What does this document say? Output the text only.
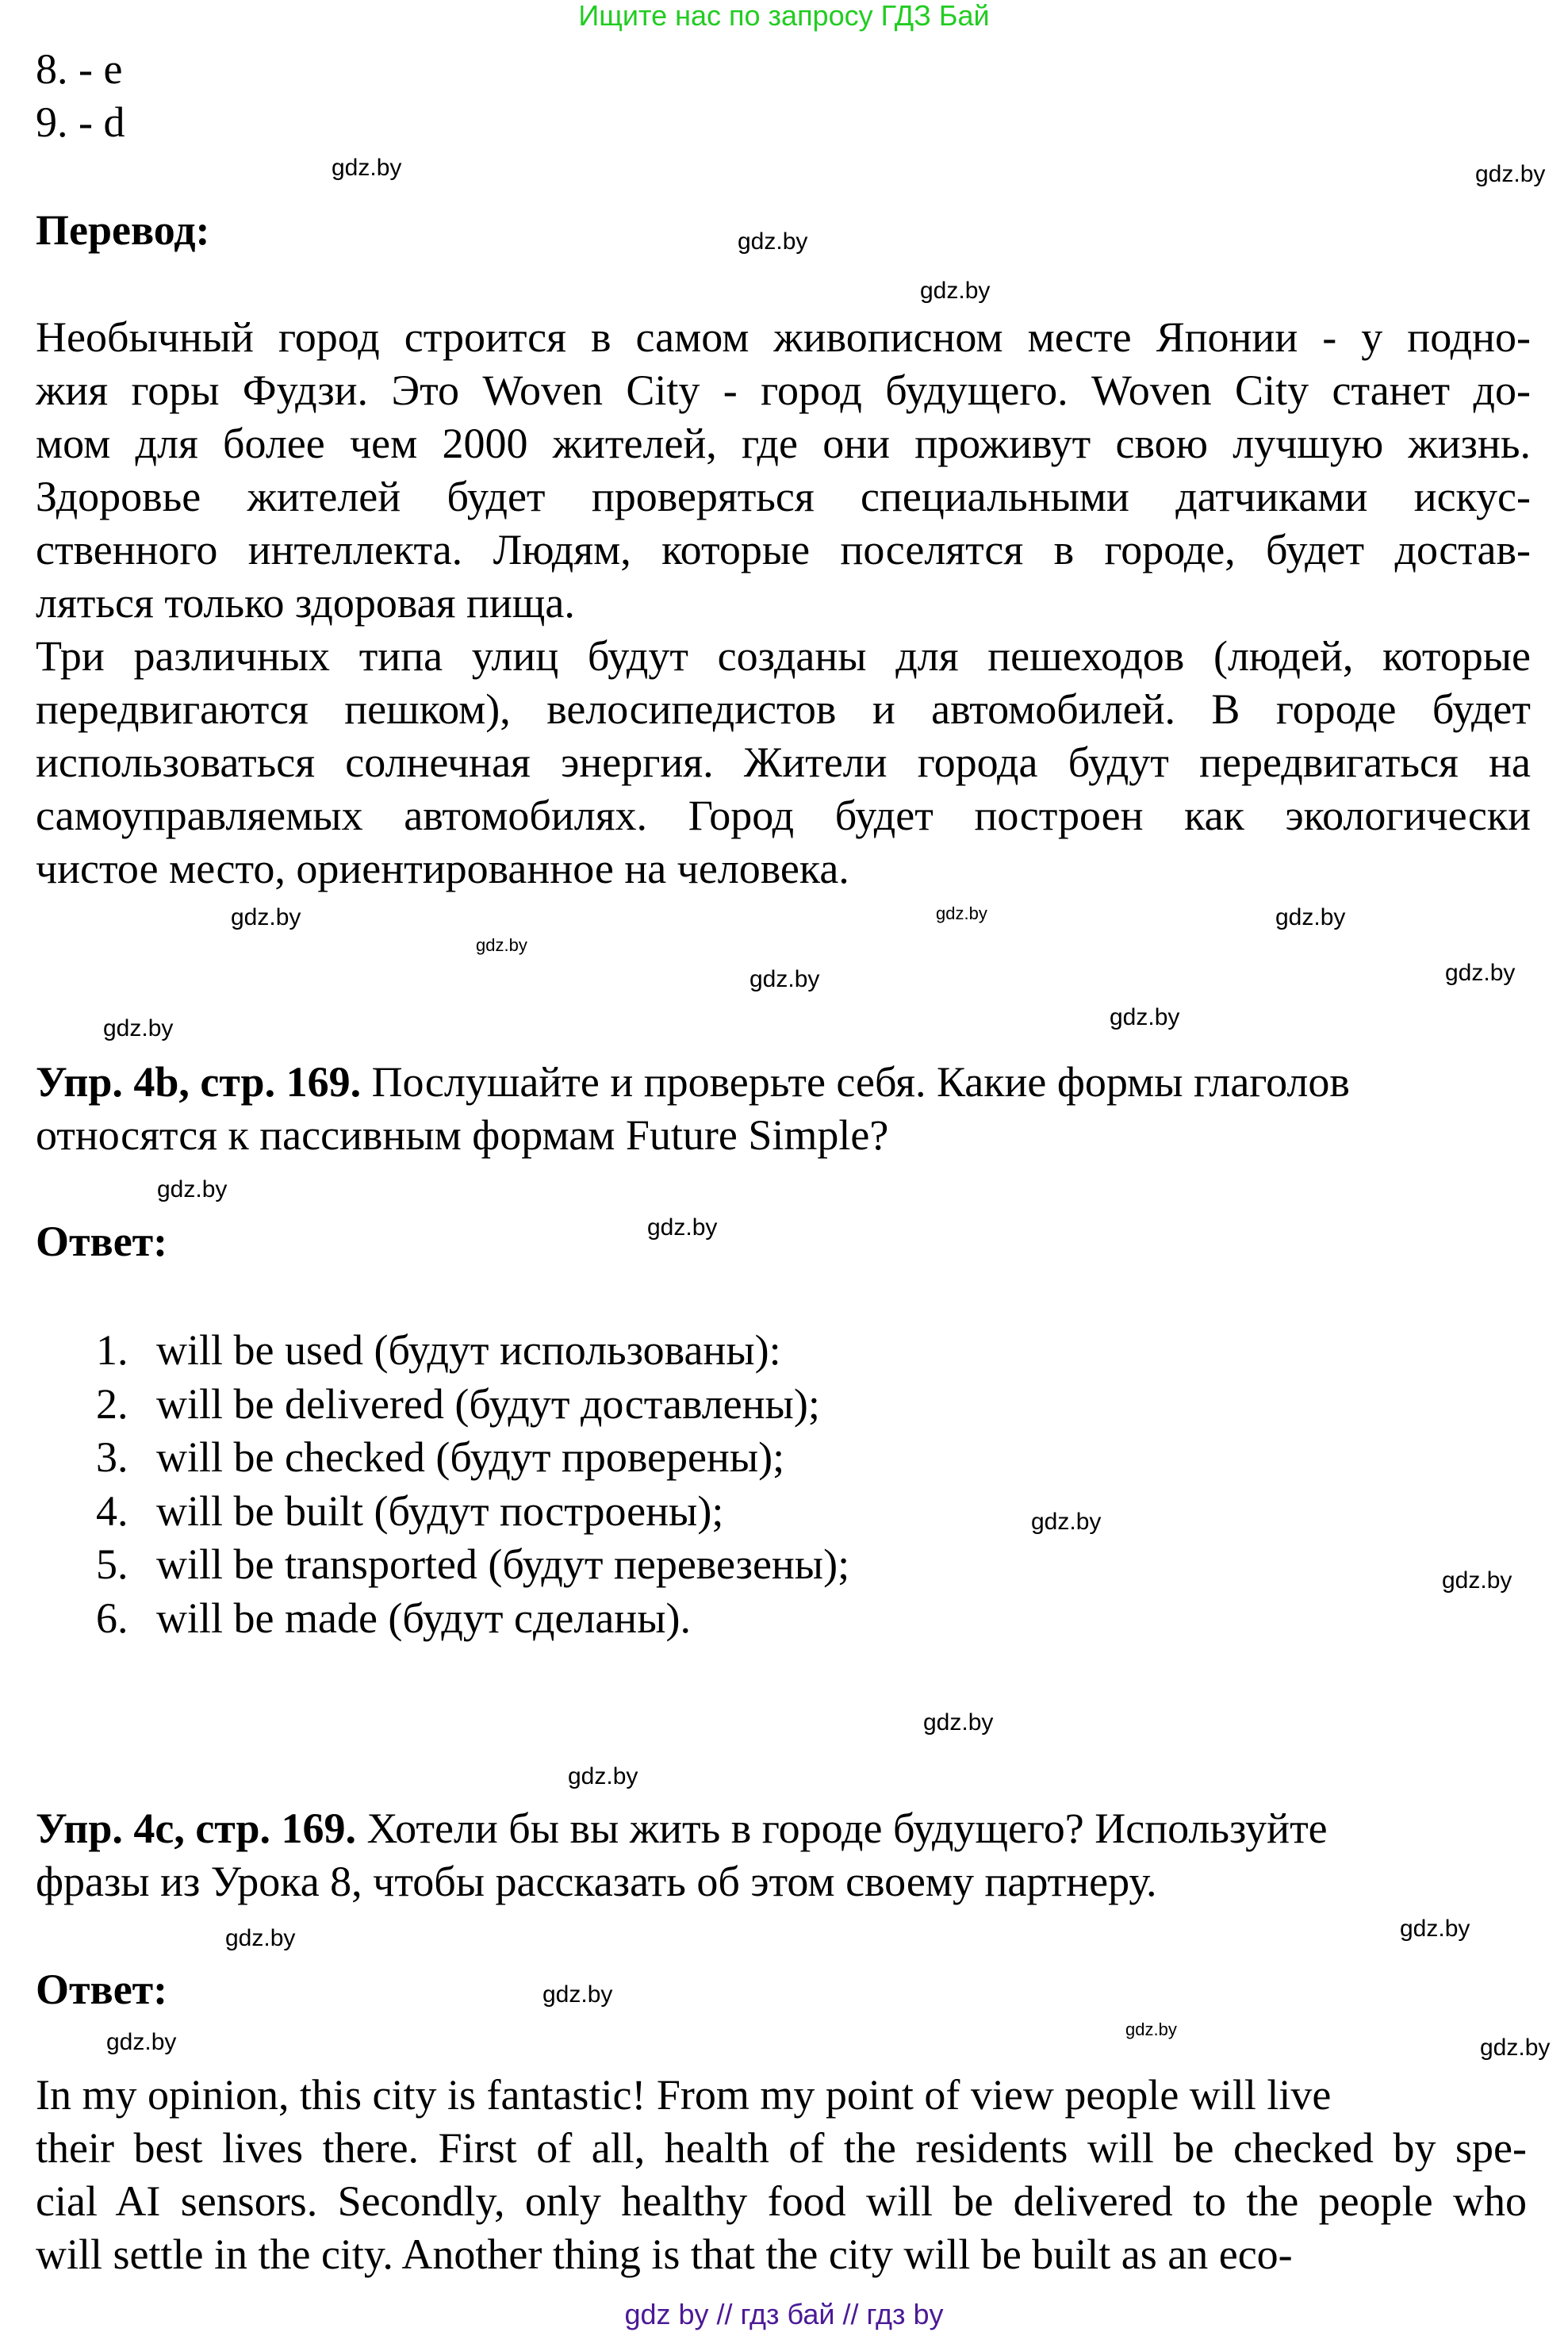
Ищите нас по запросу ГДЗ Бай
8. - e
9. - d
Перевод:
Необычный город строится в самом живописном месте Японии - у подно-
жия горы Фудзи. Это Woven City - город будущего. Woven City станет до-
мом для более чем 2000 жителей, где они проживут свою лучшую жизнь.
Здоровье жителей будет проверяться специальными датчиками искус-
ственного интеллекта. Людям, которые поселятся в городе, будет достав-
ляться только здоровая пища.
Три различных типа улиц будут созданы для пешеходов (людей, которые
передвигаются пешком), велосипедистов и автомобилей. В городе будет
использоваться солнечная энергия. Жители города будут передвигаться на
самоуправляемых автомобилях. Город будет построен как экологически
чистое место, ориентированное на человека.
Упр. 4b, стр. 169. Послушайте и проверьте себя. Какие формы глаголов
относятся к пассивным формам Future Simple?
Ответ:
1. will be used (будут использованы):
2. will be delivered (будут доставлены);
3. will be checked (будут проверены);
4. will be built (будут построены);
5. will be transported (будут перевезены);
6. will be made (будут сделаны).
Упр. 4c, стр. 169. Хотели бы вы жить в городе будущего? Используйте
фразы из Урока 8, чтобы рассказать об этом своему партнеру.
Ответ:
In my opinion, this city is fantastic! From my point of view people will live
their best lives there. First of all, health of the residents will be checked by spe-
cial AI sensors. Secondly, only healthy food will be delivered to the people who
will settle in the city. Another thing is that the city will be built as an eco-
gdz.by	gdz.by
gdz.by
gdz.by
gdz.by
gdz.by
gdz.by
gdz.by
gdz.by
gdz.by
gdz.by
gdz.by
gdz.by
gdz.by
gdz.by
gdz.by
gdz.by
gdz.by
gdz.by
gdz.by
gdz.by
gdz.by
gdz.by	gdz.by
gdz by // гдз бай // гдз by
